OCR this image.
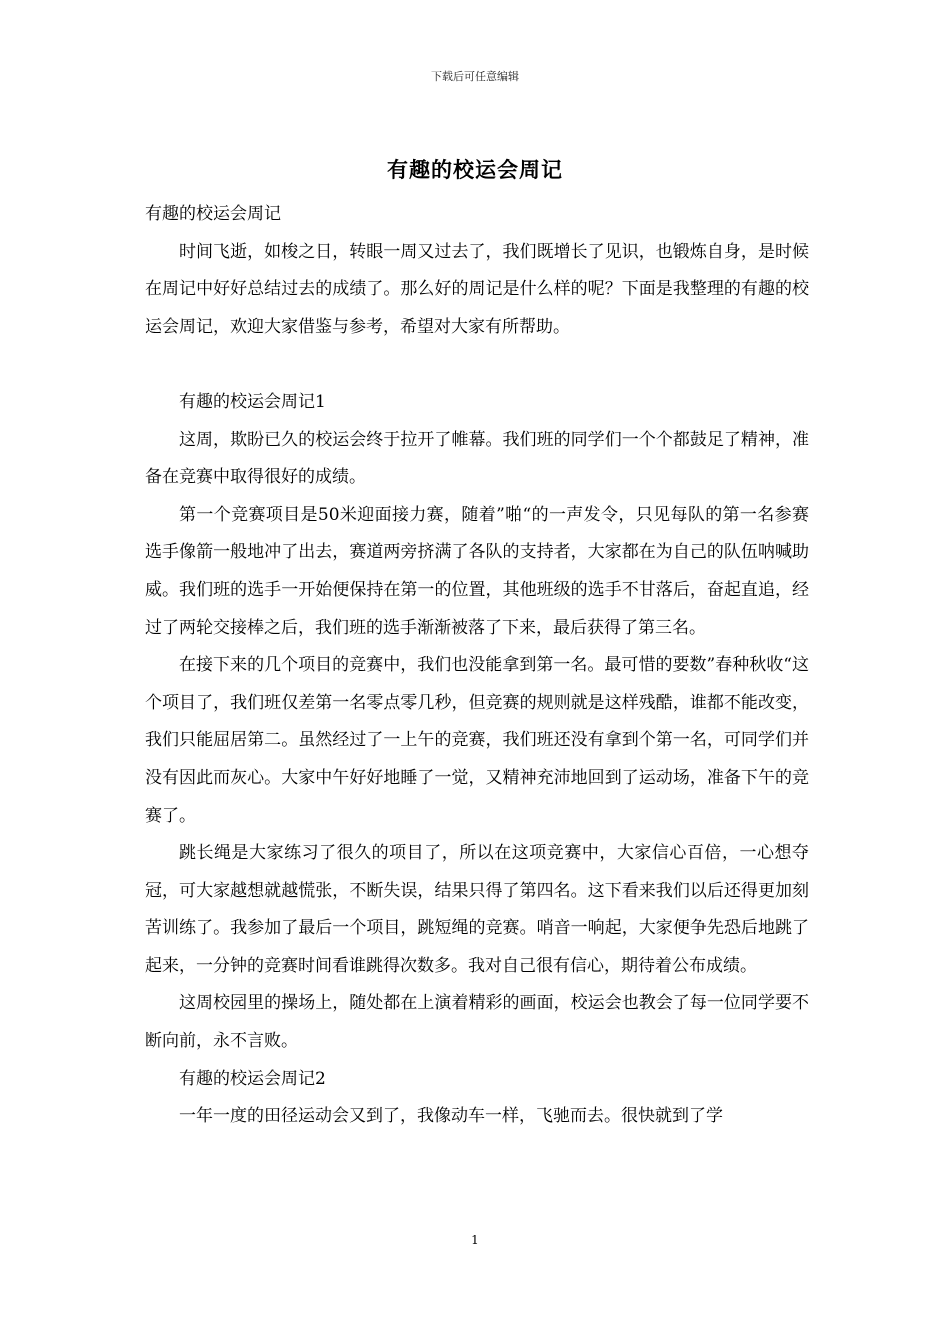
下载后可任意编辑
有趣的校运会周记

有趣的校运会周记

时间飞逝，如梭之日，转眼一周又过去了，我们既增长了见识，也锻炼自身，是时候在周记中好好总结过去的成绩了。那么好的周记是什么样的呢？下面是我整理的有趣的校运会周记，欢迎大家借鉴与参考，希望对大家有所帮助。

有趣的校运会周记1

这周，欺盼已久的校运会终于拉开了帷幕。我们班的同学们一个个都鼓足了精神，准备在竞赛中取得很好的成绩。

第一个竞赛项目是50米迎面接力赛，随着”啪“的一声发令，只见每队的第一名参赛选手像箭一般地冲了出去，赛道两旁挤满了各队的支持者，大家都在为自己的队伍呐喊助威。我们班的选手一开始便保持在第一的位置，其他班级的选手不甘落后，奋起直追，经过了两轮交接棒之后，我们班的选手渐渐被落了下来，最后获得了第三名。

在接下来的几个项目的竞赛中，我们也没能拿到第一名。最可惜的要数”春种秋收“这个项目了，我们班仅差第一名零点零几秒，但竞赛的规则就是这样残酷，谁都不能改变，我们只能屈居第二。虽然经过了一上午的竞赛，我们班还没有拿到个第一名，可同学们并没有因此而灰心。大家中午好好地睡了一觉，又精神充沛地回到了运动场，准备下午的竞赛了。

跳长绳是大家练习了很久的项目了，所以在这项竞赛中，大家信心百倍，一心想夺冠，可大家越想就越慌张，不断失误，结果只得了第四名。这下看来我们以后还得更加刻苦训练了。我参加了最后一个项目，跳短绳的竞赛。哨音一响起，大家便争先恐后地跳了起来，一分钟的竞赛时间看谁跳得次数多。我对自己很有信心，期待着公布成绩。

这周校园里的操场上，随处都在上演着精彩的画面，校运会也教会了每一位同学要不断向前，永不言败。

有趣的校运会周记2

一年一度的田径运动会又到了，我像动车一样，飞驰而去。很快就到了学

1
